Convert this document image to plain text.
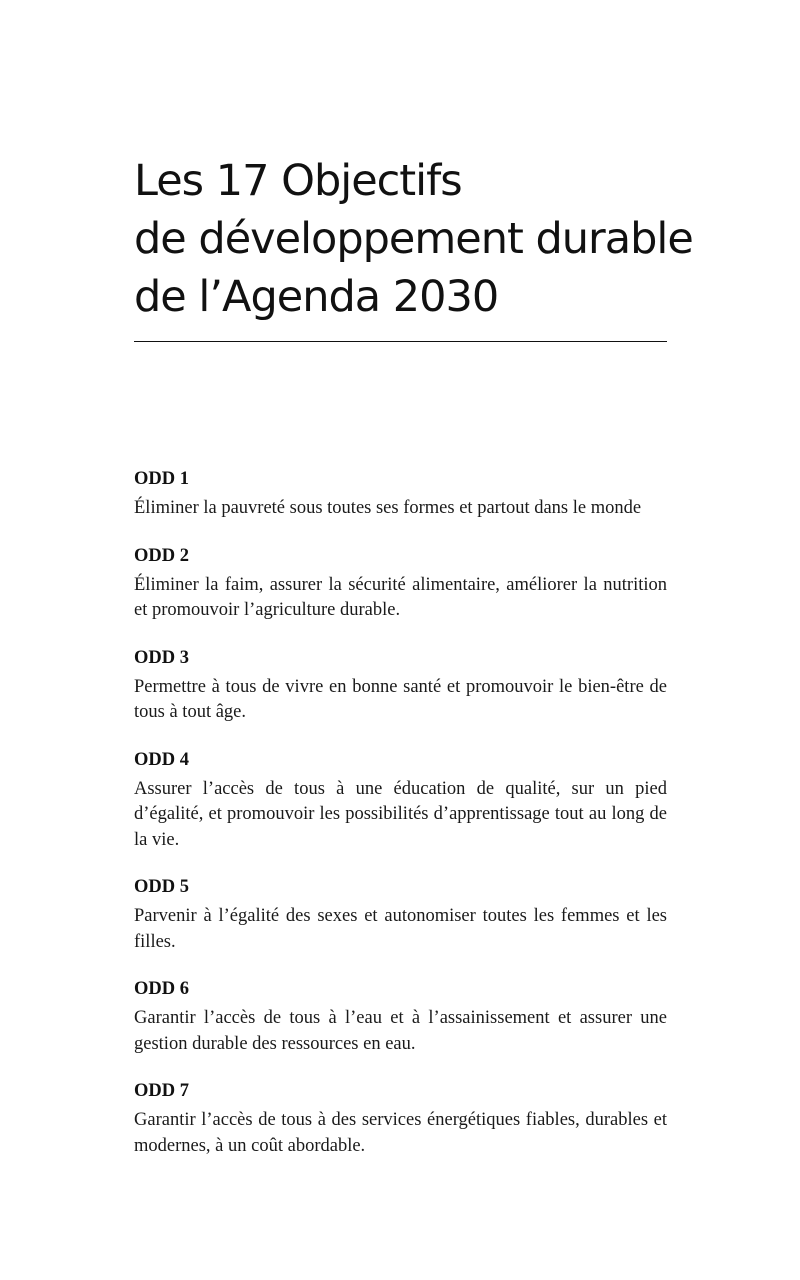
Les 17 Objectifs
de développement durable
de l’Agenda 2030
ODD 1

Éliminer la pauvreté sous toutes ses formes et partout dans le monde

ODD 2

Éliminer la faim, assurer la sécurité alimentaire, améliorer la nutrition et promouvoir l’agriculture durable.

ODD 3

Permettre à tous de vivre en bonne santé et promouvoir le bien-être de tous à tout âge.

ODD 4

Assurer l’accès de tous à une éducation de qualité, sur un pied d’égalité, et promouvoir les possibilités d’apprentissage tout au long de la vie.

ODD 5

Parvenir à l’égalité des sexes et autonomiser toutes les femmes et les filles.

ODD 6

Garantir l’accès de tous à l’eau et à l’assainissement et assurer une gestion durable des ressources en eau.

ODD 7

Garantir l’accès de tous à des services énergétiques fiables, durables et modernes, à un coût abordable.
